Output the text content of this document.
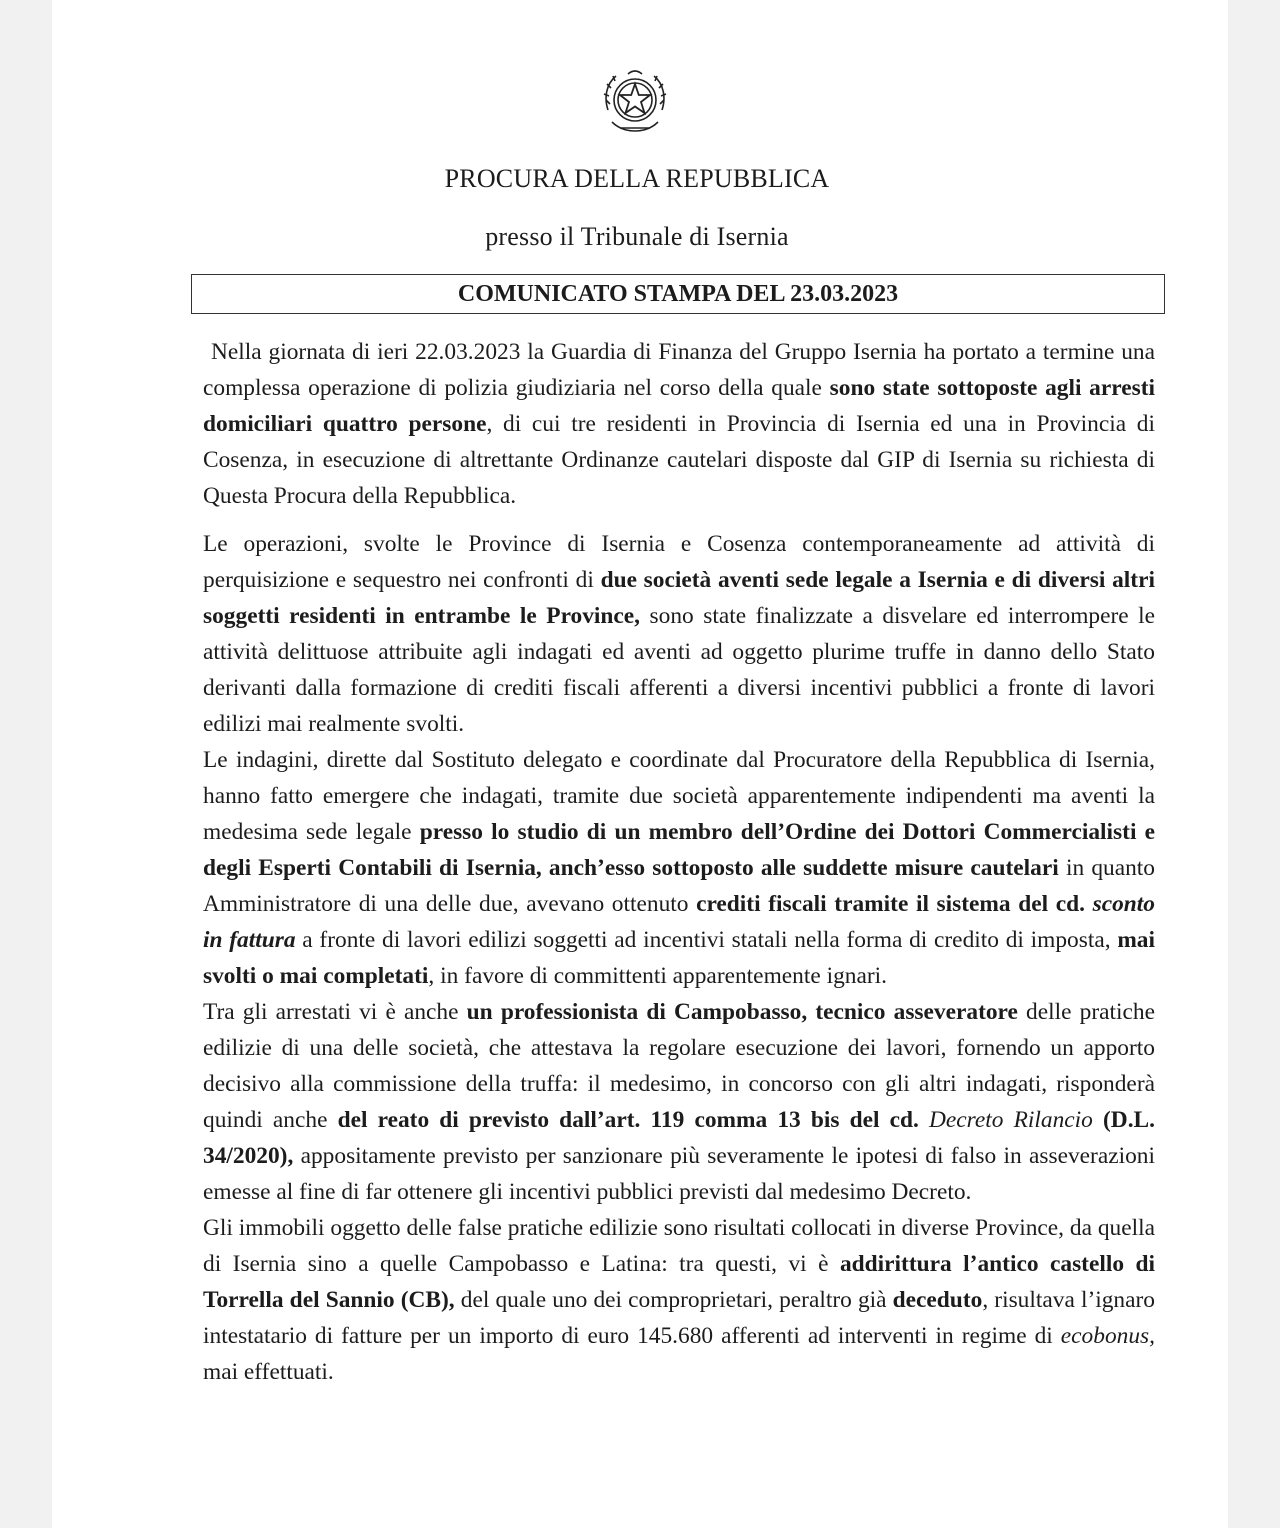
PROCURA DELLA REPUBBLICA
presso il Tribunale di Isernia
COMUNICATO STAMPA DEL 23.03.2023

Nella giornata di ieri 22.03.2023 la Guardia di Finanza del Gruppo Isernia ha portato a termine una complessa operazione di polizia giudiziaria nel corso della quale sono state sottoposte agli arresti domiciliari quattro persone, di cui tre residenti in Provincia di Isernia ed una in Provincia di Cosenza, in esecuzione di altrettante Ordinanze cautelari disposte dal GIP di Isernia su richiesta di Questa Procura della Repubblica.

Le operazioni, svolte le Province di Isernia e Cosenza contemporaneamente ad attività di perquisizione e sequestro nei confronti di due società aventi sede legale a Isernia e di diversi altri soggetti residenti in entrambe le Province, sono state finalizzate a disvelare ed interrompere le attività delittuose attribuite agli indagati ed aventi ad oggetto plurime truffe in danno dello Stato derivanti dalla formazione di crediti fiscali afferenti a diversi incentivi pubblici a fronte di lavori edilizi mai realmente svolti.

Le indagini, dirette dal Sostituto delegato e coordinate dal Procuratore della Repubblica di Isernia, hanno fatto emergere che indagati, tramite due società apparentemente indipendenti ma aventi la medesima sede legale presso lo studio di un membro dell’Ordine dei Dottori Commercialisti e degli Esperti Contabili di Isernia, anch’esso sottoposto alle suddette misure cautelari in quanto Amministratore di una delle due, avevano ottenuto crediti fiscali tramite il sistema del cd. sconto in fattura a fronte di lavori edilizi soggetti ad incentivi statali nella forma di credito di imposta, mai svolti o mai completati, in favore di committenti apparentemente ignari.

Tra gli arrestati vi è anche un professionista di Campobasso, tecnico asseveratore delle pratiche edilizie di una delle società, che attestava la regolare esecuzione dei lavori, fornendo un apporto decisivo alla commissione della truffa: il medesimo, in concorso con gli altri indagati, risponderà quindi anche del reato di previsto dall’art. 119 comma 13 bis del cd. Decreto Rilancio (D.L. 34/2020), appositamente previsto per sanzionare più severamente le ipotesi di falso in asseverazioni emesse al fine di far ottenere gli incentivi pubblici previsti dal medesimo Decreto.

Gli immobili oggetto delle false pratiche edilizie sono risultati collocati in diverse Province, da quella di Isernia sino a quelle Campobasso e Latina: tra questi, vi è addirittura l’antico castello di Torrella del Sannio (CB), del quale uno dei comproprietari, peraltro già deceduto, risultava l’ignaro intestatario di fatture per un importo di euro 145.680 afferenti ad interventi in regime di ecobonus, mai effettuati.
